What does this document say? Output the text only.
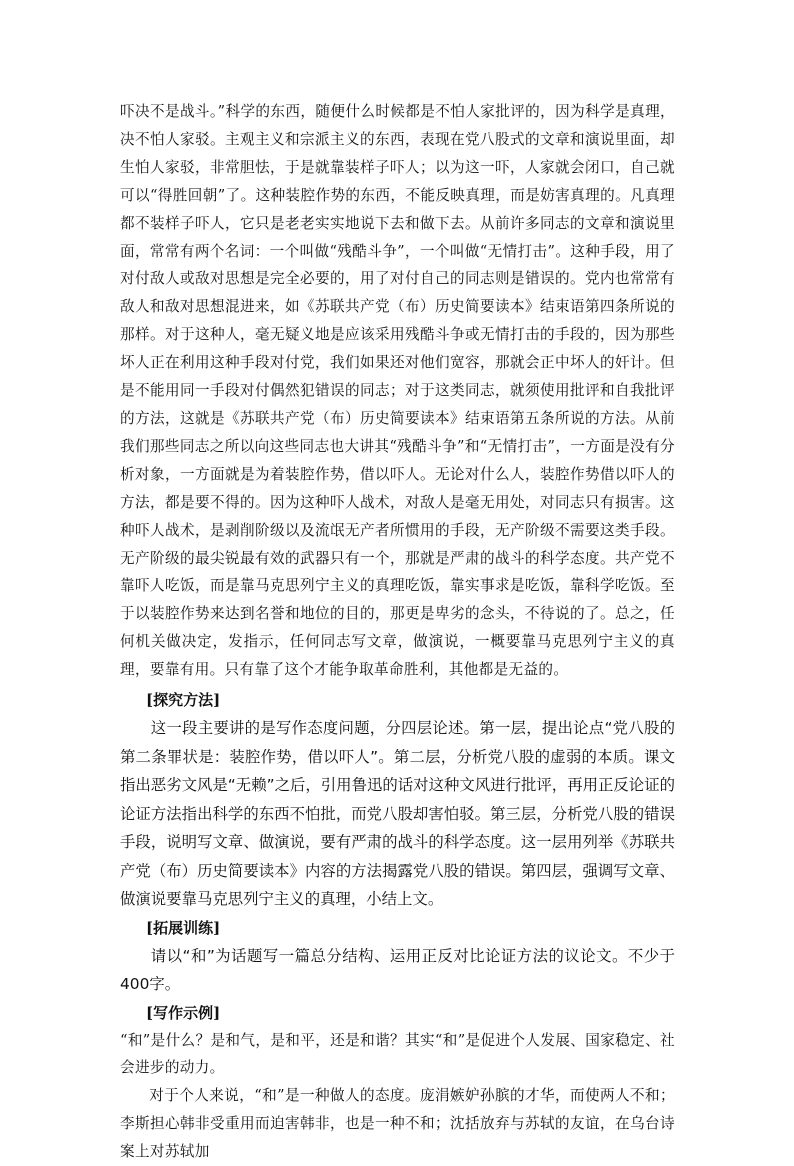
吓决不是战斗。”科学的东西，随便什么时候都是不怕人家批评的，因为科学是真理，决不怕人家驳。主观主义和宗派主义的东西，表现在党八股式的文章和演说里面，却生怕人家驳，非常胆怯，于是就靠装样子吓人；以为这一吓，人家就会闭口，自己就可以“得胜回朝”了。这种装腔作势的东西，不能反映真理，而是妨害真理的。凡真理都不装样子吓人，它只是老老实实地说下去和做下去。从前许多同志的文章和演说里面，常常有两个名词：一个叫做“残酷斗争”，一个叫做“无情打击”。这种手段，用了对付敌人或敌对思想是完全必要的，用了对付自己的同志则是错误的。党内也常常有敌人和敌对思想混进来，如《苏联共产党（布）历史简要读本》结束语第四条所说的那样。对于这种人，毫无疑义地是应该采用残酷斗争或无情打击的手段的，因为那些坏人正在利用这种手段对付党，我们如果还对他们宽容，那就会正中坏人的奸计。但是不能用同一手段对付偶然犯错误的同志；对于这类同志，就须使用批评和自我批评的方法，这就是《苏联共产党（布）历史简要读本》结束语第五条所说的方法。从前我们那些同志之所以向这些同志也大讲其“残酷斗争”和“无情打击”，一方面是没有分析对象，一方面就是为着装腔作势，借以吓人。无论对什么人，装腔作势借以吓人的方法，都是要不得的。因为这种吓人战术，对敌人是毫无用处，对同志只有损害。这种吓人战术，是剥削阶级以及流氓无产者所惯用的手段，无产阶级不需要这类手段。无产阶级的最尖锐最有效的武器只有一个，那就是严肃的战斗的科学态度。共产党不靠吓人吃饭，而是靠马克思列宁主义的真理吃饭，靠实事求是吃饭，靠科学吃饭。至于以装腔作势来达到名誉和地位的目的，那更是卑劣的念头，不待说的了。总之，任何机关做决定，发指示，任何同志写文章，做演说，一概要靠马克思列宁主义的真理，要靠有用。只有靠了这个才能争取革命胜利，其他都是无益的。

[探究方法]

这一段主要讲的是写作态度问题，分四层论述。第一层，提出论点“党八股的第二条罪状是：装腔作势，借以吓人”。第二层，分析党八股的虚弱的本质。课文指出恶劣文风是“无赖”之后，引用鲁迅的话对这种文风进行批评，再用正反论证的论证方法指出科学的东西不怕批，而党八股却害怕驳。第三层，分析党八股的错误手段，说明写文章、做演说，要有严肃的战斗的科学态度。这一层用列举《苏联共产党（布）历史简要读本》内容的方法揭露党八股的错误。第四层，强调写文章、做演说要靠马克思列宁主义的真理，小结上文。

[拓展训练]

请以“和”为话题写一篇总分结构、运用正反对比论证方法的议论文。不少于400字。

[写作示例]

“和”是什么？是和气，是和平，还是和谐？其实“和”是促进个人发展、国家稳定、社会进步的动力。

对于个人来说，“和”是一种做人的态度。庞涓嫉妒孙膑的才华，而使两人不和；李斯担心韩非受重用而迫害韩非，也是一种不和；沈括放弃与苏轼的友谊，在乌台诗案上对苏轼加
